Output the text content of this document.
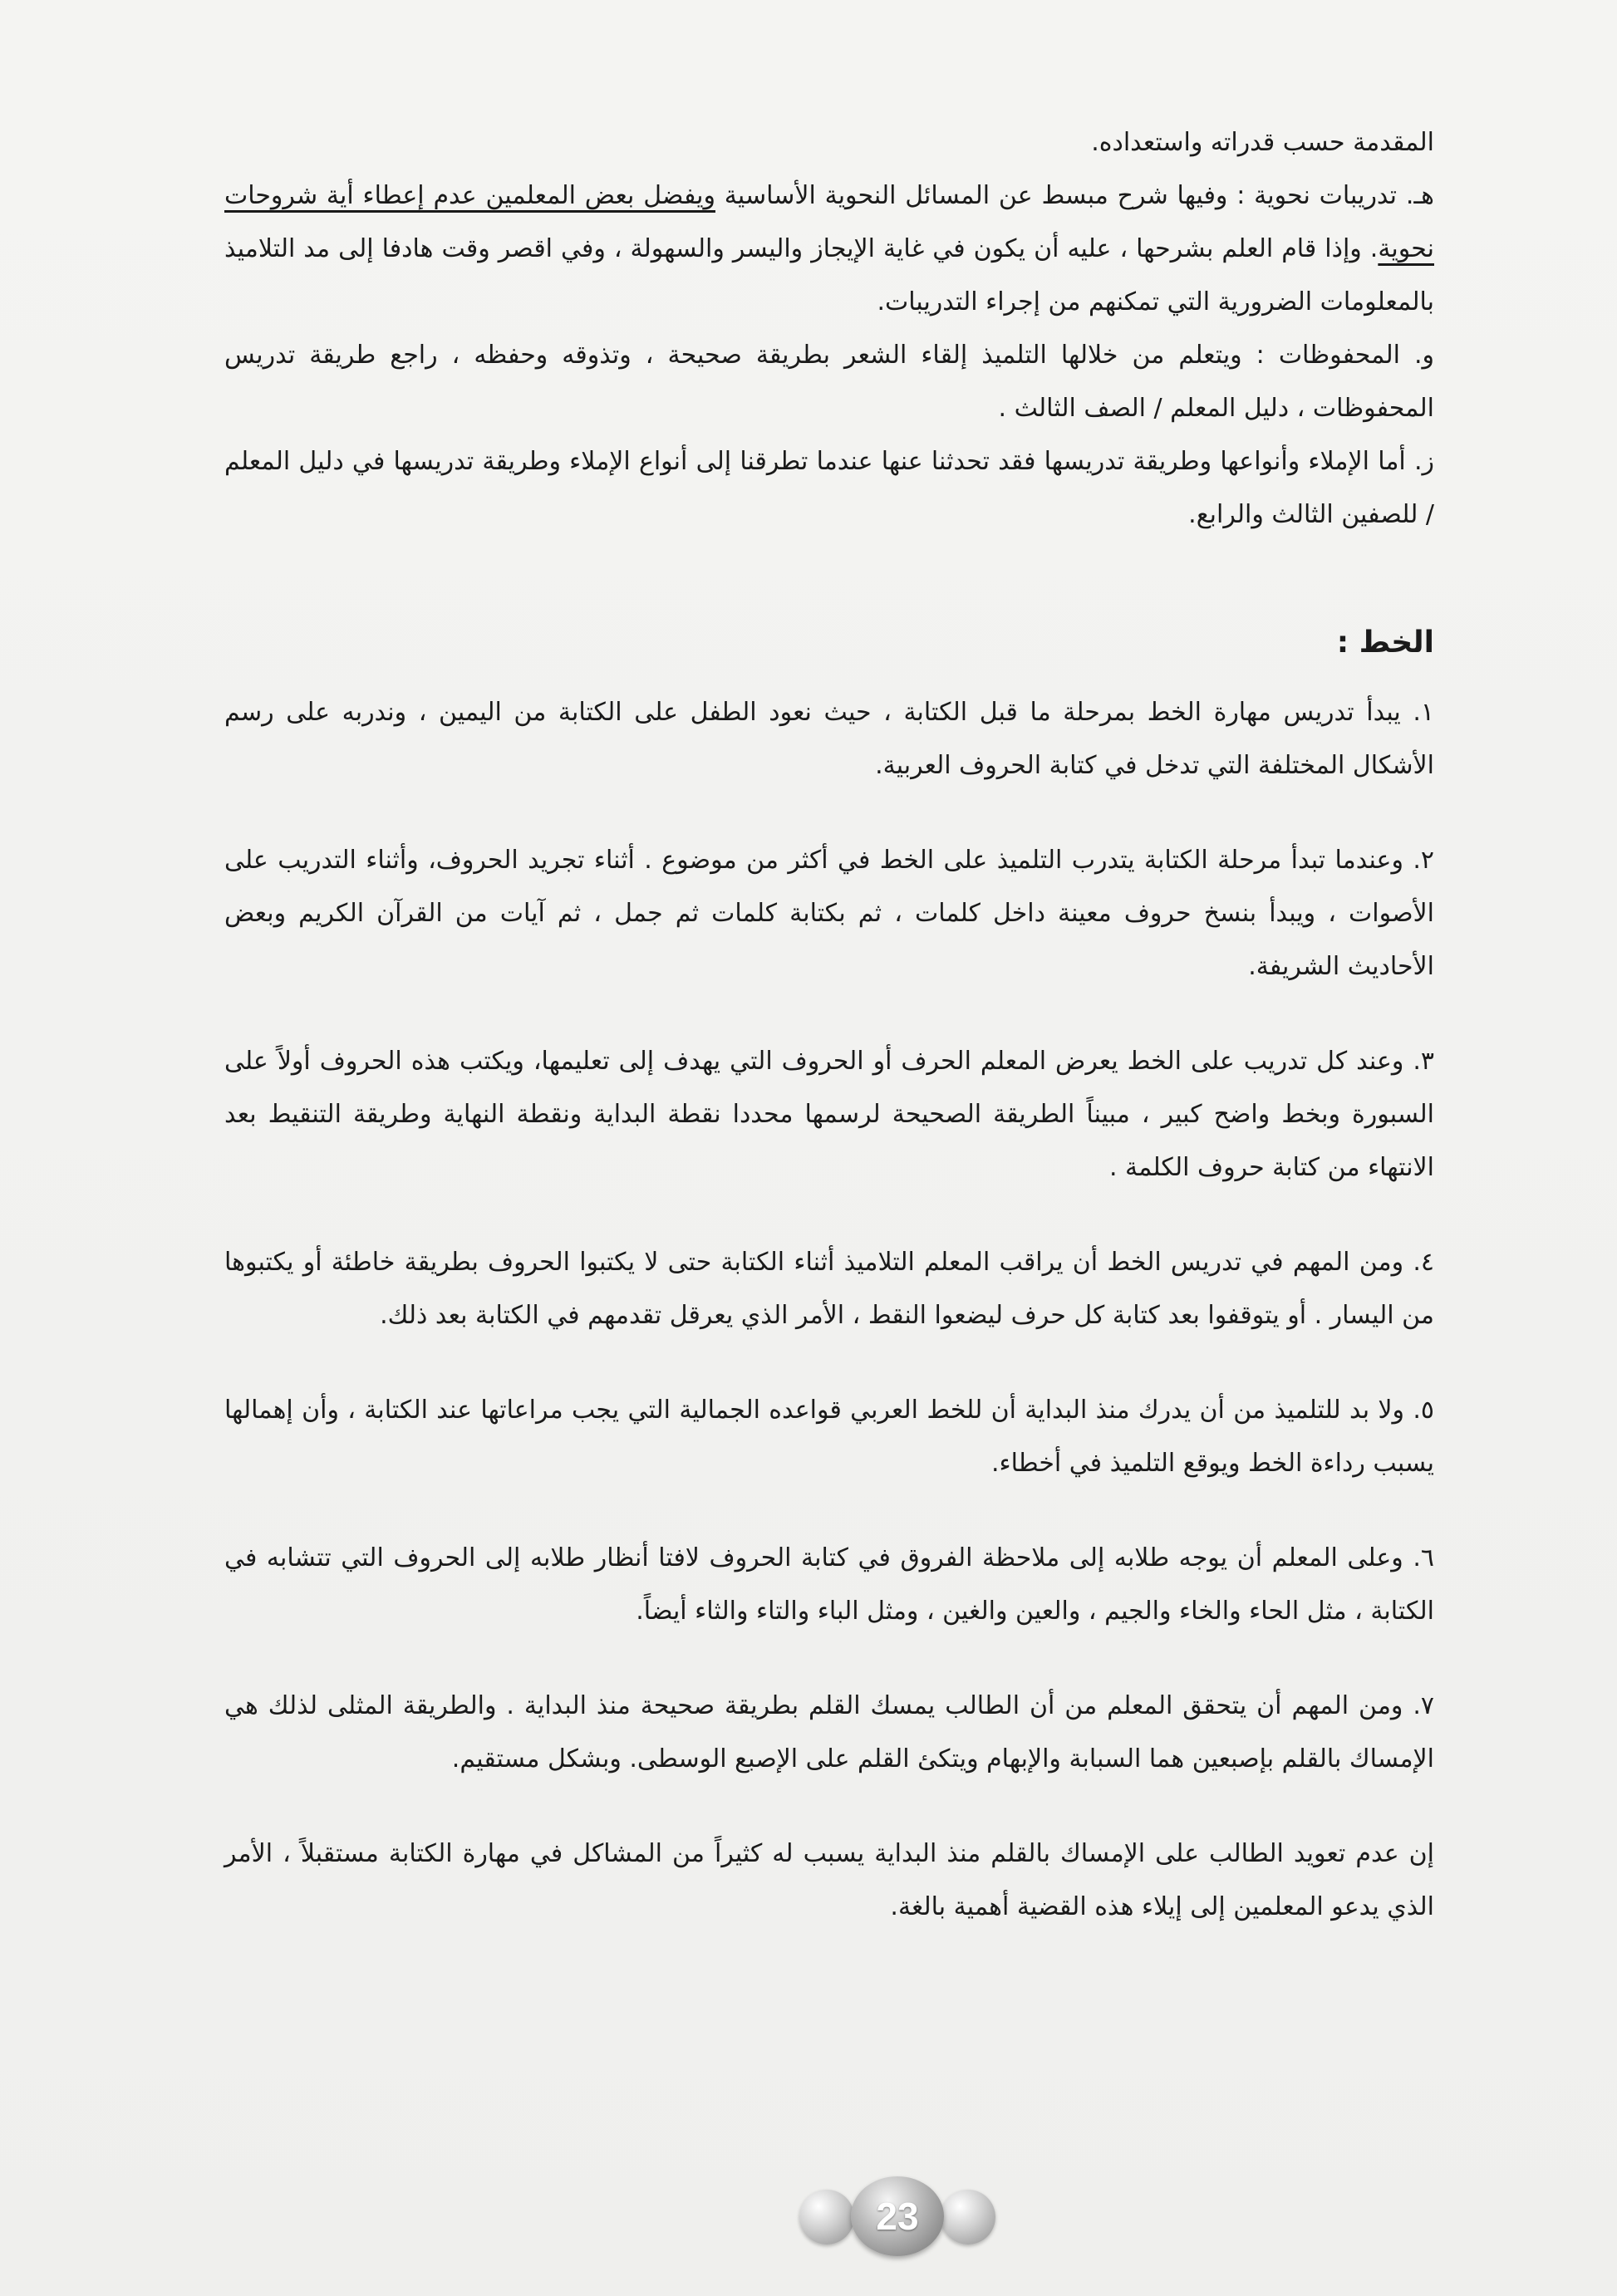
المقدمة حسب قدراته واستعداده.

هـ. تدريبات نحوية : وفيها شرح مبسط عن المسائل النحوية الأساسية ويفضل بعض المعلمين عدم إعطاء أية شروحات نحوية. وإذا قام العلم بشرحها ، عليه أن يكون في غاية الإيجاز واليسر والسهولة ، وفي اقصر وقت هادفا إلى مد التلاميذ بالمعلومات الضرورية التي تمكنهم من إجراء التدريبات.

و. المحفوظات : ويتعلم من خلالها التلميذ إلقاء الشعر بطريقة صحيحة ، وتذوقه وحفظه ، راجع طريقة تدريس المحفوظات ، دليل المعلم / الصف الثالث .

ز. أما الإملاء وأنواعها وطريقة تدريسها فقد تحدثنا عنها عندما تطرقنا إلى أنواع الإملاء وطريقة تدريسها في دليل المعلم / للصفين الثالث والرابع.

الخط :

١. يبدأ تدريس مهارة الخط بمرحلة ما قبل الكتابة ، حيث نعود الطفل على الكتابة من اليمين ، وندربه على رسم الأشكال المختلفة التي تدخل في كتابة الحروف العربية.

٢. وعندما تبدأ مرحلة الكتابة يتدرب التلميذ على الخط في أكثر من موضوع . أثناء تجريد الحروف، وأثناء التدريب على الأصوات ، ويبدأ بنسخ حروف معينة داخل كلمات ، ثم بكتابة كلمات ثم جمل ، ثم آيات من القرآن الكريم وبعض الأحاديث الشريفة.

٣. وعند كل تدريب على الخط يعرض المعلم الحرف أو الحروف التي يهدف إلى تعليمها، ويكتب هذه الحروف أولاً على السبورة وبخط واضح كبير ، مبيناً الطريقة الصحيحة لرسمها محددا نقطة البداية ونقطة النهاية وطريقة التنقيط بعد الانتهاء من كتابة حروف الكلمة .

٤. ومن المهم في تدريس الخط أن يراقب المعلم التلاميذ أثناء الكتابة حتى لا يكتبوا الحروف بطريقة خاطئة أو يكتبوها من اليسار . أو يتوقفوا بعد كتابة كل حرف ليضعوا النقط ، الأمر الذي يعرقل تقدمهم في الكتابة بعد ذلك.

٥. ولا بد للتلميذ من أن يدرك منذ البداية أن للخط العربي قواعده الجمالية التي يجب مراعاتها عند الكتابة ، وأن إهمالها يسبب رداءة الخط ويوقع التلميذ في أخطاء.

٦. وعلى المعلم أن يوجه طلابه إلى ملاحظة الفروق في كتابة الحروف لافتا أنظار طلابه إلى الحروف التي تتشابه في الكتابة ، مثل الحاء والخاء والجيم ، والعين والغين ، ومثل الباء والتاء والثاء أيضاً.

٧. ومن المهم أن يتحقق المعلم من أن الطالب يمسك القلم بطريقة صحيحة منذ البداية . والطريقة المثلى لذلك هي الإمساك بالقلم بإصبعين هما السبابة والإبهام ويتكئ القلم على الإصبع الوسطى. وبشكل مستقيم.

إن عدم تعويد الطالب على الإمساك بالقلم منذ البداية يسبب له كثيراً من المشاكل في مهارة الكتابة مستقبلاً ، الأمر الذي يدعو المعلمين إلى إيلاء هذه القضية أهمية بالغة.

23
